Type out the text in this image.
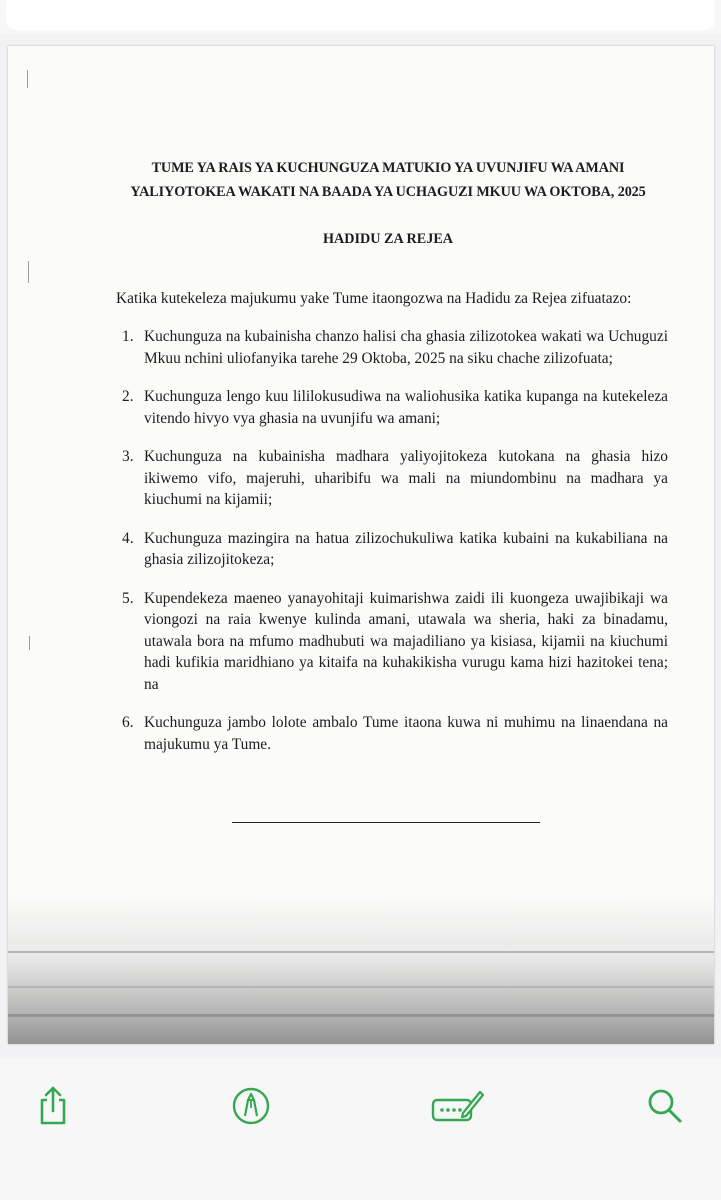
TUME YA RAIS YA KUCHUNGUZA MATUKIO YA UVUNJIFU WA AMANI
YALIYOTOKEA WAKATI NA BAADA YA UCHAGUZI MKUU WA OKTOBA, 2025
HADIDU ZA REJEA
Katika kutekeleza majukumu yake Tume itaongozwa na Hadidu za Rejea zifuatazo:
1. Kuchunguza na kubainisha chanzo halisi cha ghasia zilizotokea wakati wa Uchuguzi Mkuu nchini uliofanyika tarehe 29 Oktoba, 2025 na siku chache zilizofuata;
2. Kuchunguza lengo kuu lililokusudiwa na waliohusika katika kupanga na kutekeleza vitendo hivyo vya ghasia na uvunjifu wa amani;
3. Kuchunguza na kubainisha madhara yaliyojitokeza kutokana na ghasia hizo ikiwemo vifo, majeruhi, uharibifu wa mali na miundombinu na madhara ya kiuchumi na kijamii;
4. Kuchunguza mazingira na hatua zilizochukuliwa katika kubaini na kukabiliana na ghasia zilizojitokeza;
5. Kupendekeza maeneo yanayohitaji kuimarishwa zaidi ili kuongeza uwajibikaji wa viongozi na raia kwenye kulinda amani, utawala wa sheria, haki za binadamu, utawala bora na mfumo madhubuti wa majadiliano ya kisiasa, kijamii na kiuchumi hadi kufikia maridhiano ya kitaifa na kuhakikisha vurugu kama hizi hazitokei tena; na
6. Kuchunguza jambo lolote ambalo Tume itaona kuwa ni muhimu na linaendana na majukumu ya Tume.
